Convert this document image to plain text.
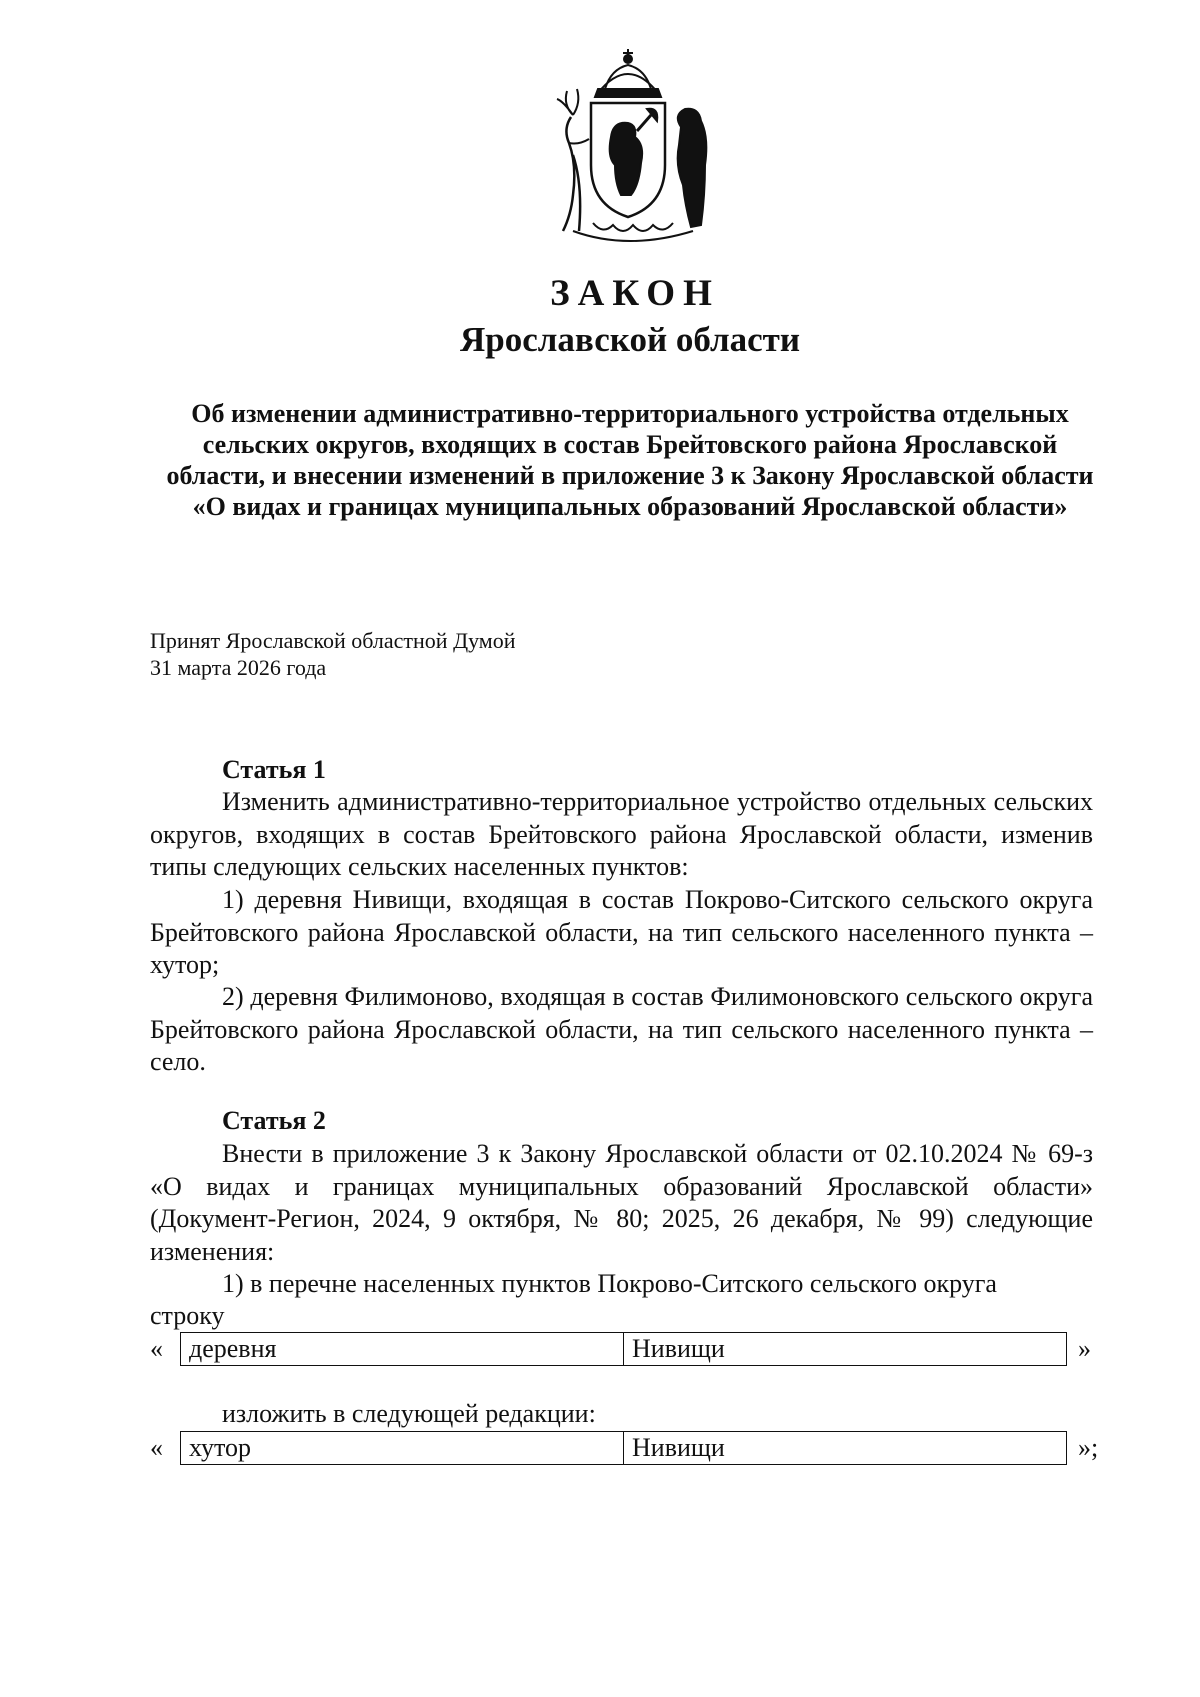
ЗАКОН
Ярославской области
Об изменении административно-территориального устройства отдельных сельских округов, входящих в состав Брейтовского района Ярославской области, и внесении изменений в приложение 3 к Закону Ярославской области «О видах и границах муниципальных образований Ярославской области»
Принят Ярославской областной Думой
31 марта 2026 года
Статья 1
Изменить административно-территориальное устройство отдельных сельских округов, входящих в состав Брейтовского района Ярославской области, изменив типы следующих сельских населенных пунктов:
1) деревня Нивищи, входящая в состав Покрово-Ситского сельского округа Брейтовского района Ярославской области, на тип сельского населенного пункта – хутор;
2) деревня Филимоново, входящая в состав Филимоновского сельского округа Брейтовского района Ярославской области, на тип сельского населенного пункта – село.
Статья 2
Внести в приложение 3 к Закону Ярославской области от 02.10.2024 № 69-з «О видах и границах муниципальных образований Ярославской области» (Документ-Регион, 2024, 9 октября, № 80; 2025, 26 декабря, № 99) следующие изменения:
1) в перечне населенных пунктов Покрово-Ситского сельского округа
строку
«	деревня	Нивищи	»
изложить в следующей редакции:
«	хутор	Нивищи	»;
